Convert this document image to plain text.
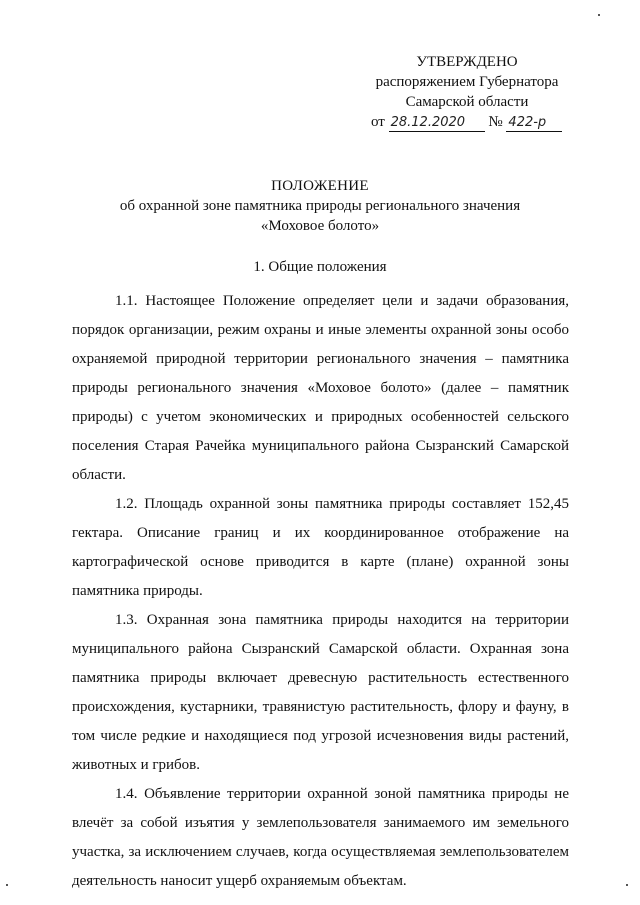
УТВЕРЖДЕНО
распоряжением Губернатора
Самарской области
от 28.12.2020 № 422-р
ПОЛОЖЕНИЕ
об охранной зоне памятника природы регионального значения
«Моховое болото»
1. Общие положения

1.1. Настоящее Положение определяет цели и задачи образования, порядок организации, режим охраны и иные элементы охранной зоны особо охраняемой природной территории регионального значения – памятника природы регионального значения «Моховое болото» (далее – памятник природы) с учетом экономических и природных особенностей сельского поселения Старая Рачейка муниципального района Сызранский Самарской области.

1.2. Площадь охранной зоны памятника природы составляет 152,45 гектара. Описание границ и их координированное отображение на картографической основе приводится в карте (плане) охранной зоны памятника природы.

1.3. Охранная зона памятника природы находится на территории муниципального района Сызранский Самарской области. Охранная зона памятника природы включает древесную растительность естественного происхождения, кустарники, травянистую растительность, флору и фауну, в том числе редкие и находящиеся под угрозой исчезновения виды растений, животных и грибов.

1.4. Объявление территории охранной зоной памятника природы не влечёт за собой изъятия у землепользователя занимаемого им земельного участка, за исключением случаев, когда осуществляемая землепользователем деятельность наносит ущерб охраняемым объектам.
